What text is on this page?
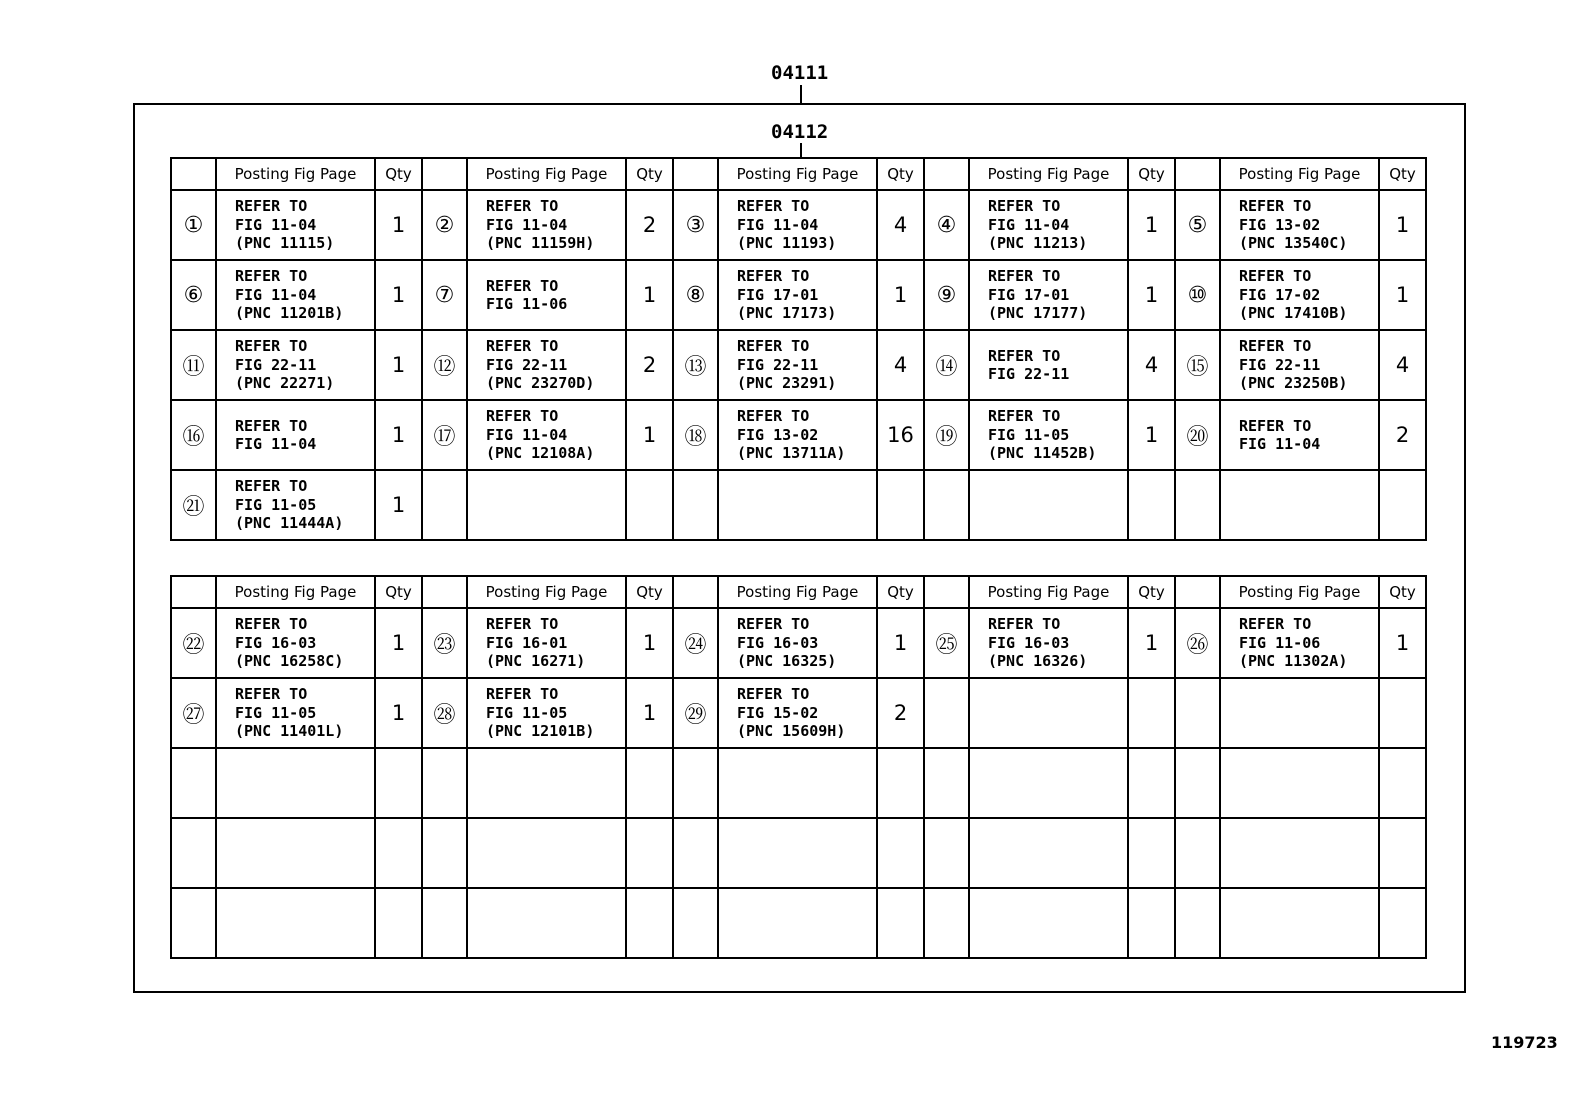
04111
04112
	Posting Fig Page	Qty		Posting Fig Page	Qty		Posting Fig Page	Qty		Posting Fig Page	Qty		Posting Fig Page	Qty
①	REFER TO
FIG 11-04
(PNC 11115)	1	②	REFER TO
FIG 11-04
(PNC 11159H)	2	③	REFER TO
FIG 11-04
(PNC 11193)	4	④	REFER TO
FIG 11-04
(PNC 11213)	1	⑤	REFER TO
FIG 13-02
(PNC 13540C)	1
⑥	REFER TO
FIG 11-04
(PNC 11201B)	1	⑦	REFER TO
FIG 11-06	1	⑧	REFER TO
FIG 17-01
(PNC 17173)	1	⑨	REFER TO
FIG 17-01
(PNC 17177)	1	⑩	REFER TO
FIG 17-02
(PNC 17410B)	1
⑪	REFER TO
FIG 22-11
(PNC 22271)	1	⑫	REFER TO
FIG 22-11
(PNC 23270D)	2	⑬	REFER TO
FIG 22-11
(PNC 23291)	4	⑭	REFER TO
FIG 22-11	4	⑮	REFER TO
FIG 22-11
(PNC 23250B)	4
⑯	REFER TO
FIG 11-04	1	⑰	REFER TO
FIG 11-04
(PNC 12108A)	1	⑱	REFER TO
FIG 13-02
(PNC 13711A)	16	⑲	REFER TO
FIG 11-05
(PNC 11452B)	1	⑳	REFER TO
FIG 11-04	2
㉑	REFER TO
FIG 11-05
(PNC 11444A)	1												
	Posting Fig Page	Qty		Posting Fig Page	Qty		Posting Fig Page	Qty		Posting Fig Page	Qty		Posting Fig Page	Qty
㉒	REFER TO
FIG 16-03
(PNC 16258C)	1	㉓	REFER TO
FIG 16-01
(PNC 16271)	1	㉔	REFER TO
FIG 16-03
(PNC 16325)	1	㉕	REFER TO
FIG 16-03
(PNC 16326)	1	㉖	REFER TO
FIG 11-06
(PNC 11302A)	1
㉗	REFER TO
FIG 11-05
(PNC 11401L)	1	㉘	REFER TO
FIG 11-05
(PNC 12101B)	1	㉙	REFER TO
FIG 15-02
(PNC 15609H)	2						

119723
